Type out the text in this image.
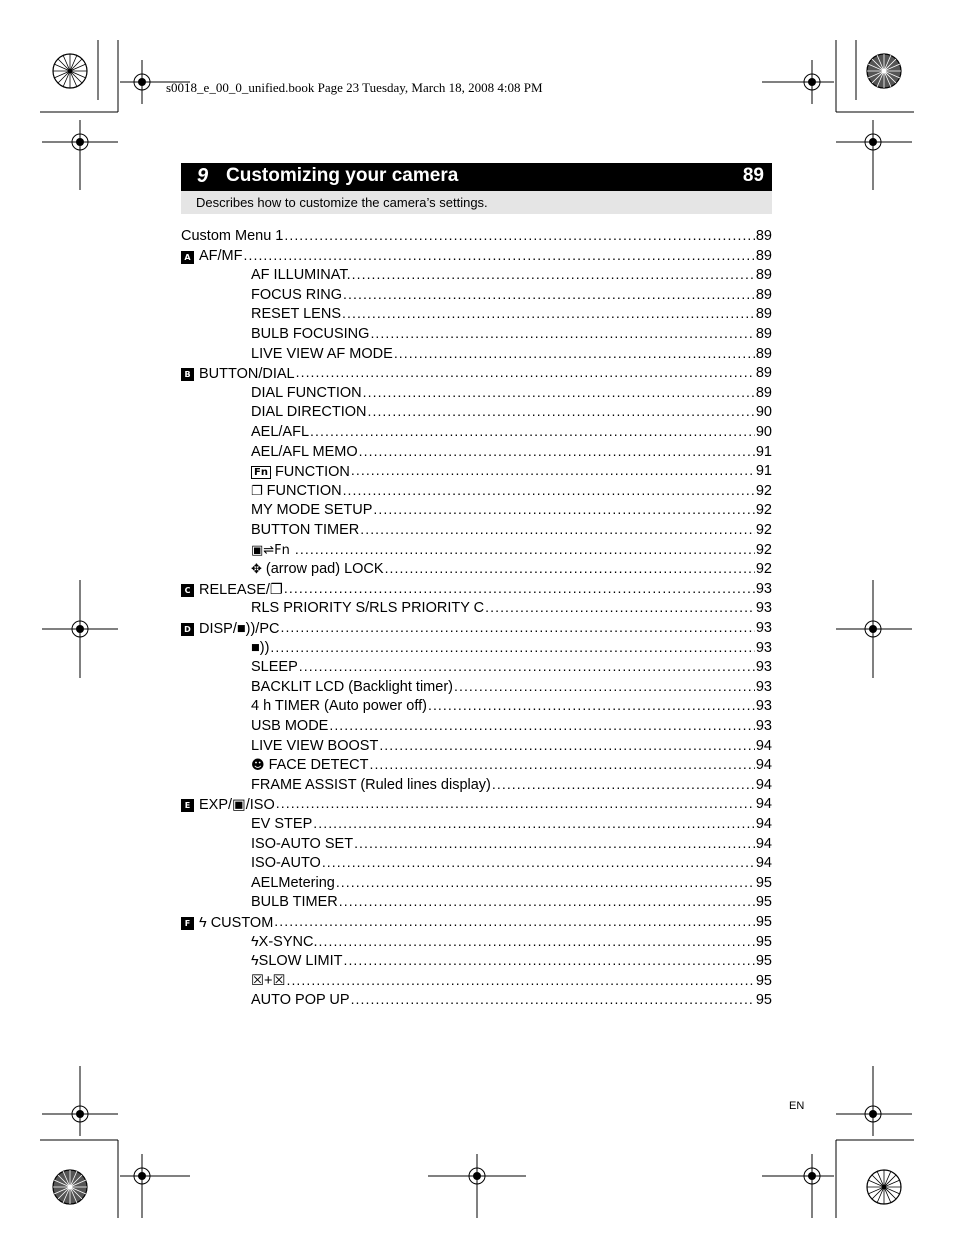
s0018_e_00_0_unified.book Page 23 Tuesday, March 18, 2008 4:08 PM
9 Customizing your camera	89
Describes how to customize the camera’s settings.
Custom Menu 1 . . .	89
A AF/MF . . .	89
AF ILLUMINAT. . . .	89
FOCUS RING . . .	89
RESET LENS . . .	89
BULB FOCUSING . . .	89
LIVE VIEW AF MODE . . .	89
B BUTTON/DIAL . . .	89
DIAL FUNCTION . . .	89
DIAL DIRECTION . . .	90
AEL/AFL . . .	90
AEL/AFL MEMO . . .	91
Fn FUNCTION . . .	91
❐ FUNCTION . . .	92
MY MODE SETUP . . .	92
BUTTON TIMER . . .	92
▣⇌Fn . . .	92
✥ (arrow pad) LOCK . . .	92
C RELEASE/❐ . . .	93
RLS PRIORITY S/RLS PRIORITY C . . .	93
D DISP/■))/PC . . .	93
■)) . . .	93
SLEEP . . .	93
BACKLIT LCD (Backlight timer) . . .	93
4 h TIMER (Auto power off) . . .	93
USB MODE . . .	93
LIVE VIEW BOOST . . .	94
☻ FACE DETECT . . .	94
FRAME ASSIST (Ruled lines display) . . .	94
E EXP/▣/ISO . . .	94
EV STEP . . .	94
ISO-AUTO SET . . .	94
ISO-AUTO . . .	94
AELMetering . . .	95
BULB TIMER . . .	95
F ϟ CUSTOM . . .	95
ϟX-SYNC. . . .	95
ϟSLOW LIMIT . . .	95
☒+☒ . . .	95
AUTO POP UP . . .	95
EN
